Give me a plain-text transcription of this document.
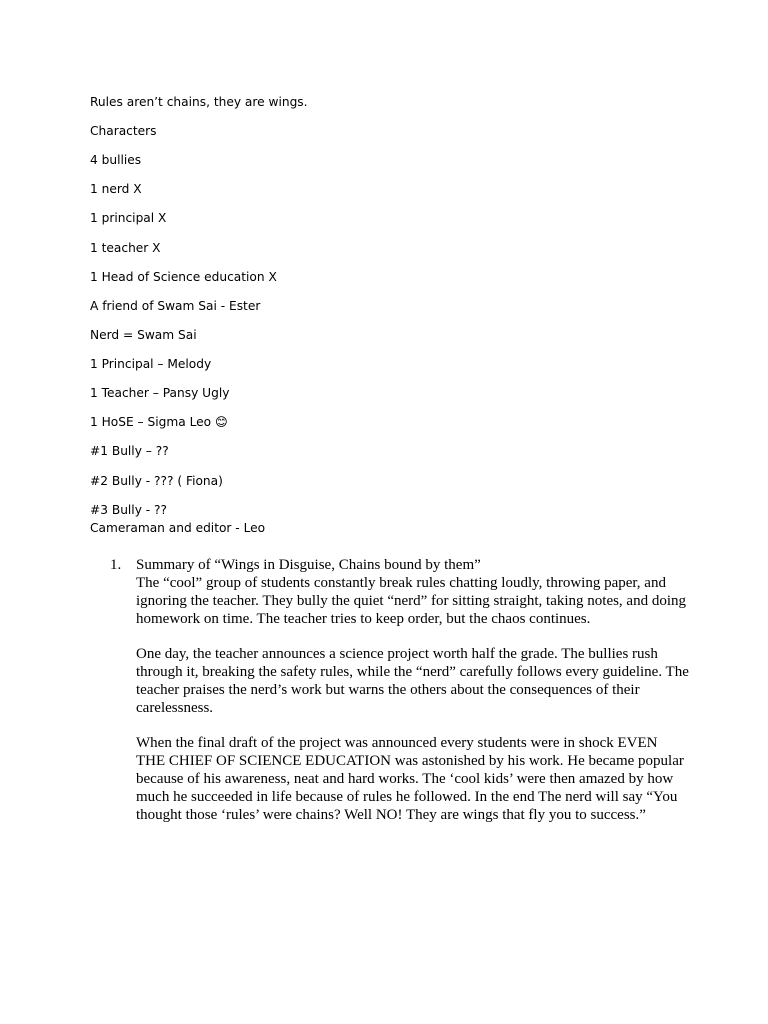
Rules aren’t chains, they are wings.

Characters

4 bullies

1 nerd X

1 principal X

1 teacher X

1 Head of Science education X

A friend of Swam Sai - Ester

Nerd = Swam Sai

1 Principal – Melody

1 Teacher – Pansy Ugly

1 HoSE – Sigma Leo 😊

#1 Bully – ??

#2 Bully - ??? ( Fiona)

#3 Bully - ??

Cameraman and editor - Leo

1. Summary of “Wings in Disguise, Chains bound by them”

The “cool” group of students constantly break rules chatting loudly, throwing paper, and ignoring the teacher. They bully the quiet “nerd” for sitting straight, taking notes, and doing homework on time. The teacher tries to keep order, but the chaos continues.

One day, the teacher announces a science project worth half the grade. The bullies rush through it, breaking the safety rules, while the “nerd” carefully follows every guideline. The teacher praises the nerd’s work but warns the others about the consequences of their carelessness.

When the final draft of the project was announced every students were in shock EVEN THE CHIEF OF SCIENCE EDUCATION was astonished by his work. He became popular because of his awareness, neat and hard works. The ‘cool kids’ were then amazed by how much he succeeded in life because of rules he followed. In the end The nerd will say “You thought those ‘rules’ were chains? Well NO! They are wings that fly you to success.”
